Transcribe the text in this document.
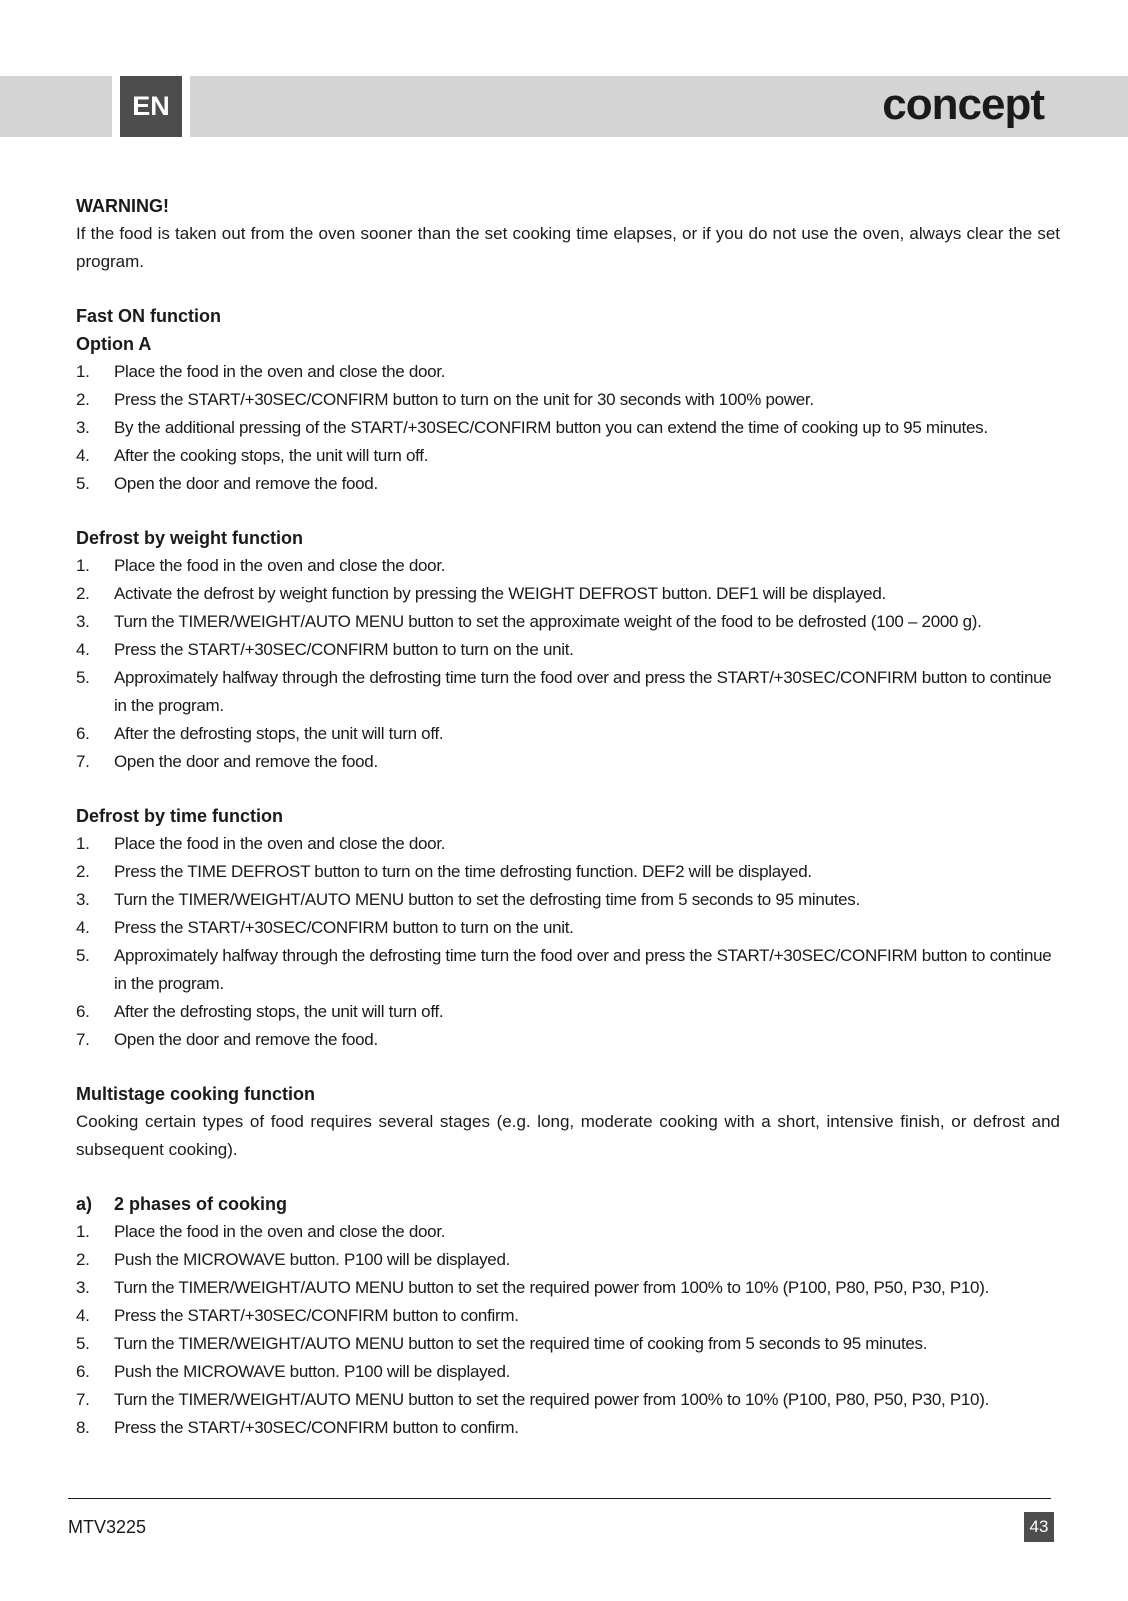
EN	concept
WARNING!

If the food is taken out from the oven sooner than the set cooking time elapses, or if you do not use the oven, always clear the set program.

Fast ON function
Option A
1.	Place the food in the oven and close the door.
2.	Press the START/+30SEC/CONFIRM button to turn on the unit for 30 seconds with 100% power.
3.	By the additional pressing of the START/+30SEC/CONFIRM button you can extend the time of cooking up to 95 minutes.
4.	After the cooking stops, the unit will turn off.
5.	Open the door and remove the food.
Defrost by weight function
1.	Place the food in the oven and close the door.
2.	Activate the defrost by weight function by pressing the WEIGHT DEFROST button. DEF1 will be displayed.
3.	Turn the TIMER/WEIGHT/AUTO MENU button to set the approximate weight of the food to be defrosted (100 – 2000 g).
4.	Press the START/+30SEC/CONFIRM button to turn on the unit.
5.	Approximately halfway through the defrosting time turn the food over and press the START/+30SEC/CONFIRM button to continue in the program.
6.	After the defrosting stops, the unit will turn off.
7.	Open the door and remove the food.
Defrost by time function
1.	Place the food in the oven and close the door.
2.	Press the TIME DEFROST button to turn on the time defrosting function. DEF2 will be displayed.
3.	Turn the TIMER/WEIGHT/AUTO MENU button to set the defrosting time from 5 seconds to 95 minutes.
4.	Press the START/+30SEC/CONFIRM button to turn on the unit.
5.	Approximately halfway through the defrosting time turn the food over and press the START/+30SEC/CONFIRM button to continue in the program.
6.	After the defrosting stops, the unit will turn off.
7.	Open the door and remove the food.
Multistage cooking function

Cooking certain types of food requires several stages (e.g. long, moderate cooking with a short, intensive finish, or defrost and subsequent cooking).

a)	2 phases of cooking
1.	Place the food in the oven and close the door.
2.	Push the MICROWAVE button. P100 will be displayed.
3.	Turn the TIMER/WEIGHT/AUTO MENU button to set the required power from 100% to 10% (P100, P80, P50, P30, P10).
4.	Press the START/+30SEC/CONFIRM button to confirm.
5.	Turn the TIMER/WEIGHT/AUTO MENU button to set the required time of cooking from 5 seconds to 95 minutes.
6.	Push the MICROWAVE button. P100 will be displayed.
7.	Turn the TIMER/WEIGHT/AUTO MENU button to set the required power from 100% to 10% (P100, P80, P50, P30, P10).
8.	Press the START/+30SEC/CONFIRM button to confirm.
MTV3225	43
